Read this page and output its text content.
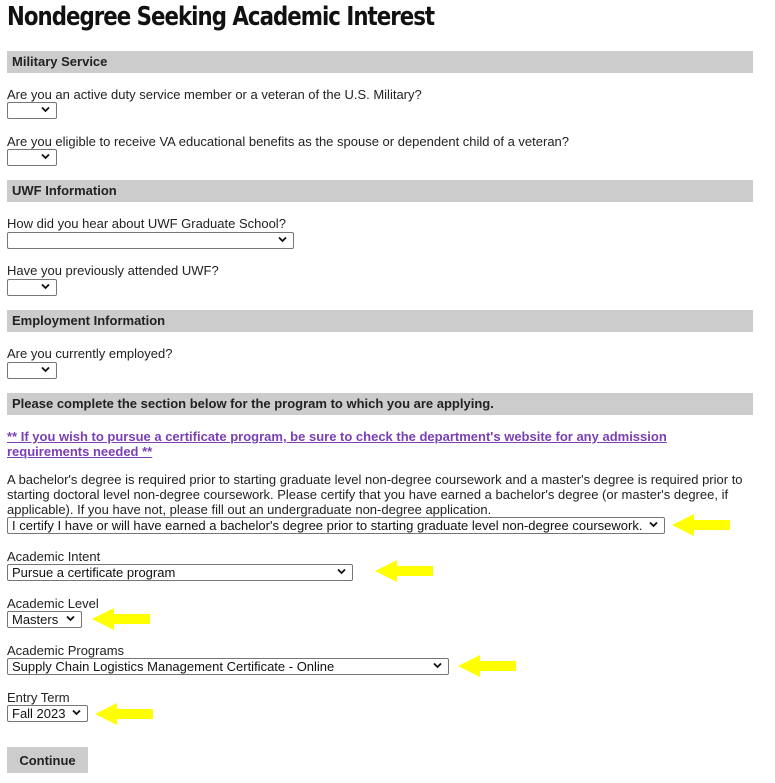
Nondegree Seeking Academic Interest
Military Service
Are you an active duty service member or a veteran of the U.S. Military?
Are you eligible to receive VA educational benefits as the spouse or dependent child of a veteran?
UWF Information
How did you hear about UWF Graduate School?
Have you previously attended UWF?
Employment Information
Are you currently employed?
Please complete the section below for the program to which you are applying.
** If you wish to pursue a certificate program, be sure to check the department's website for any admission requirements needed **
A bachelor's degree is required prior to starting graduate level non-degree coursework and a master's degree is required prior to starting doctoral level non-degree coursework. Please certify that you have earned a bachelor's degree (or master's degree, if applicable). If you have not, please fill out an undergraduate non-degree application.
I certify I have or will have earned a bachelor's degree prior to starting graduate level non-degree coursework.
Academic Intent
Pursue a certificate program
Academic Level
Masters
Academic Programs
Supply Chain Logistics Management Certificate - Online
Entry Term
Fall 2023
Continue
